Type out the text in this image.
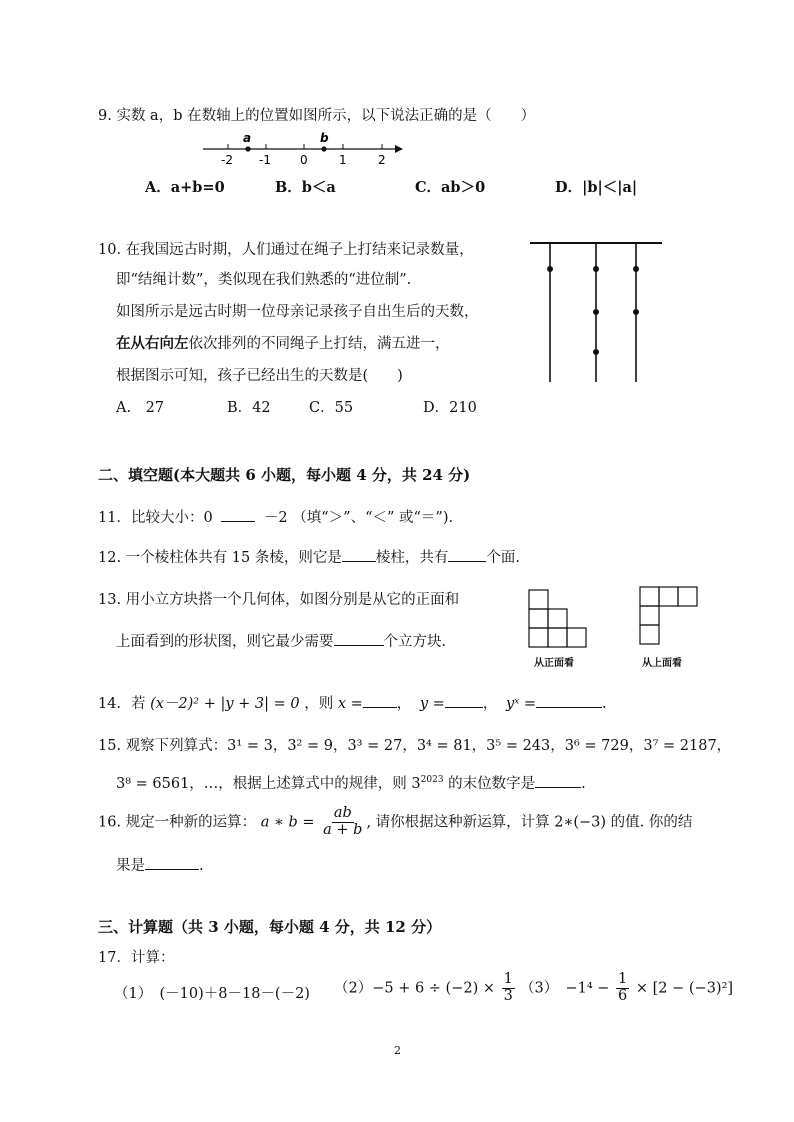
9. 实数 a，b 在数轴上的位置如图所示，以下说法正确的是（　　）
a	b
-2 -1 0	1	2
A．a+b=0	B．b＜a	C．ab＞0	D．|b|＜|a|
10. 在我国远古时期，人们通过在绳子上打结来记录数量，
即“结绳计数”，类似现在我们熟悉的“进位制”.
如图所示是远古时期一位母亲记录孩子自出生后的天数，
在从右向左依次排列的不同绳子上打结，满五进一，
根据图示可知，孩子已经出生的天数是(　　)
A.　27	B．42	C．55	D．210
二、填空题(本大题共 6 小题，每小题 4 分，共 24 分)
11．比较大小：0	－2 （填“＞”、“＜” 或“＝”).
12. 一个棱柱体共有 15 条棱，则它是 棱柱，共有	个面.
13. 用小立方块搭一个几何体，如图分别是从它的正面和
上面看到的形状图，则它最少需要	个立方块.
从正面看	从上面看
14．若 (x－2)² + |y + 3| = 0 ，则 x = ， y =	， yˣ =	.
15. 观察下列算式：3¹ = 3，3² = 9，3³ = 27，3⁴ = 81，3⁵ = 243，3⁶ = 729，3⁷ = 2187，
3⁸ = 6561，…，根据上述算式中的规律，则 $3^{2023}$ 的末位数字是	.
16. 规定一种新的运算： a ∗ $b = \frac{ab}{a + b}$ , 请你根据这种新运算，计算 2∗(−3) 的值. 你的结
果是	.
三、计算题（共 3 小题，每小题 4 分，共 12 分）
17．计算：
（1）　(－10)＋8－18－(－2) $(2)-5 + 6 \div (-2) \times \frac{1}{3} (3)$　$-1^4 - \frac{1}{6} \times [2 - (-3)^2]$
2
